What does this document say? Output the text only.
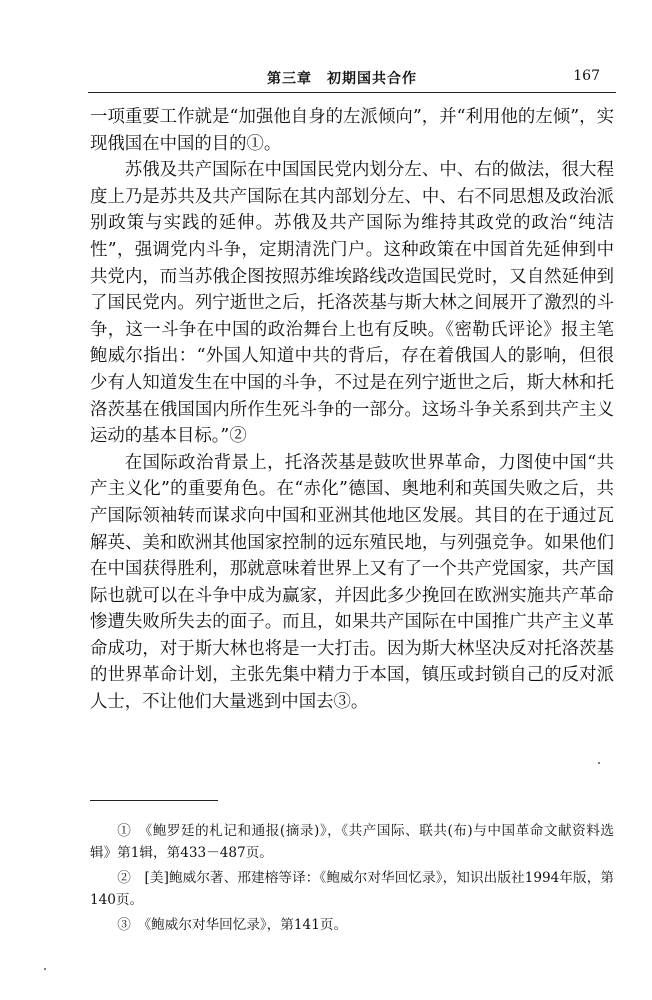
第三章　初期国共合作	167

一项重要工作就是“加强他自身的左派倾向”，并“利用他的左倾”，实现俄国在中国的目的①。

苏俄及共产国际在中国国民党内划分左、中、右的做法，很大程度上乃是苏共及共产国际在其内部划分左、中、右不同思想及政治派别政策与实践的延伸。苏俄及共产国际为维持其政党的政治“纯洁性”，强调党内斗争，定期清洗门户。这种政策在中国首先延伸到中共党内，而当苏俄企图按照苏维埃路线改造国民党时，又自然延伸到了国民党内。列宁逝世之后，托洛茨基与斯大林之间展开了激烈的斗争，这一斗争在中国的政治舞台上也有反映。《密勒氏评论》报主笔鲍威尔指出：“外国人知道中共的背后，存在着俄国人的影响，但很少有人知道发生在中国的斗争，不过是在列宁逝世之后，斯大林和托洛茨基在俄国国内所作生死斗争的一部分。这场斗争关系到共产主义运动的基本目标。”②

在国际政治背景上，托洛茨基是鼓吹世界革命，力图使中国“共产主义化”的重要角色。在“赤化”德国、奥地利和英国失败之后，共产国际领袖转而谋求向中国和亚洲其他地区发展。其目的在于通过瓦解英、美和欧洲其他国家控制的远东殖民地，与列强竞争。如果他们在中国获得胜利，那就意味着世界上又有了一个共产党国家，共产国际也就可以在斗争中成为赢家，并因此多少挽回在欧洲实施共产革命惨遭失败所失去的面子。而且，如果共产国际在中国推广共产主义革命成功，对于斯大林也将是一大打击。因为斯大林坚决反对托洛茨基的世界革命计划，主张先集中精力于本国，镇压或封锁自己的反对派人士，不让他们大量逃到中国去③。

①　《鲍罗廷的札记和通报(摘录)》，《共产国际、联共(布)与中国革命文献资料选辑》第1辑，第433－487页。

②　[美]鲍威尔著、邢建榕等译：《鲍威尔对华回忆录》，知识出版社1994年版，第140页。

③　《鲍威尔对华回忆录》，第141页。
